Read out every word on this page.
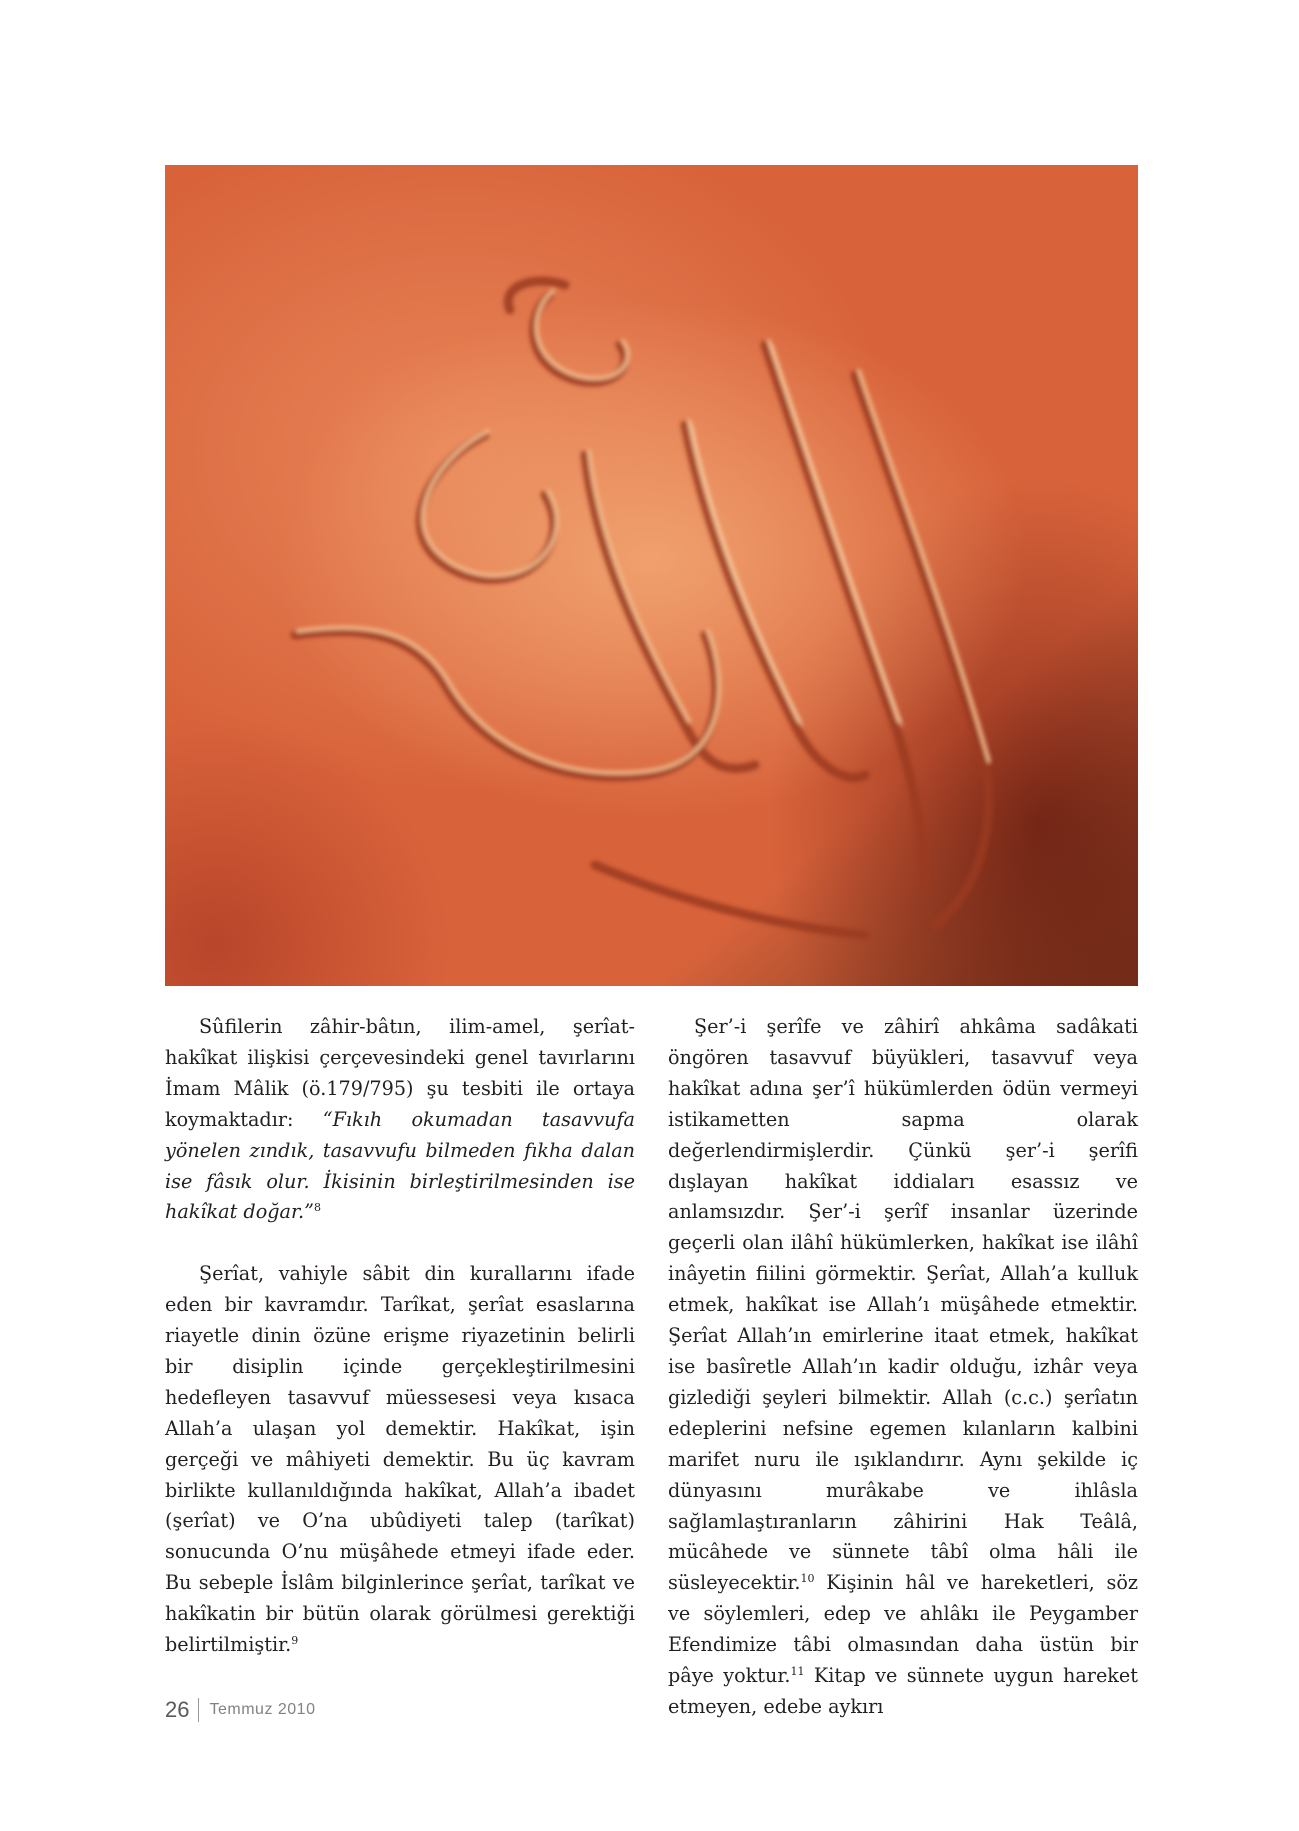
Sûfilerin zâhir-bâtın, ilim-amel, şerîat-hakîkat ilişkisi çerçevesindeki genel tavırlarını İmam Mâlik (ö.179/795) şu tesbiti ile ortaya koymaktadır: “Fıkıh okumadan tasavvufa yönelen zındık, tasavvufu bilmeden fıkha dalan ise fâsık olur. İkisinin birleştirilmesinden ise hakîkat doğar.”$^8$

Şerîat, vahiyle sâbit din kurallarını ifade eden bir kavramdır. Tarîkat, şerîat esaslarına riayetle dinin özüne erişme riyazetinin belirli bir disiplin içinde gerçekleştirilmesini hedefleyen tasavvuf müessesesi veya kısaca Allah’a ulaşan yol demektir. Hakîkat, işin gerçeği ve mâhiyeti demektir. Bu üç kavram birlikte kullanıldığında hakîkat, Allah’a ibadet (şerîat) ve O’na ubûdiyeti talep (tarîkat) sonucunda O’nu müşâhede etmeyi ifade eder. Bu sebeple İslâm bilginlerince şerîat, tarîkat ve hakîkatin bir bütün olarak görülmesi gerektiği belirtilmiştir.$^9$

Şer’-i şerîfe ve zâhirî ahkâma sadâkati öngören tasavvuf büyükleri, tasavvuf veya hakîkat adına şer’î hükümlerden ödün vermeyi istikametten sapma olarak değerlendirmişlerdir. Çünkü şer’-i şerîfi dışlayan hakîkat iddiaları esassız ve anlamsızdır. Şer’-i şerîf insanlar üzerinde geçerli olan ilâhî hükümlerken, hakîkat ise ilâhî inâyetin fiilini görmektir. Şerîat, Allah’a kulluk etmek, hakîkat ise Allah’ı müşâhede etmektir. Şerîat Allah’ın emirlerine itaat etmek, hakîkat ise basîretle Allah’ın kadir olduğu, izhâr veya gizlediği şeyleri bilmektir. Allah (c.c.) şerîatın edeplerini nefsine egemen kılanların kalbini marifet nuru ile ışıklandırır. Aynı şekilde iç dünyasını murâkabe ve ihlâsla sağlamlaştıranların zâhirini Hak Teâlâ, mücâhede ve sünnete tâbî olma hâli ile süsleyecektir.$^{10}$ Kişinin hâl ve hareketleri, söz ve söylemleri, edep ve ahlâkı ile Peygamber Efendimize tâbi olmasından daha üstün bir pâye yoktur.$^{11}$ Kitap ve sünnete uygun hareket etmeyen, edebe aykırı

26 Temmuz 2010
